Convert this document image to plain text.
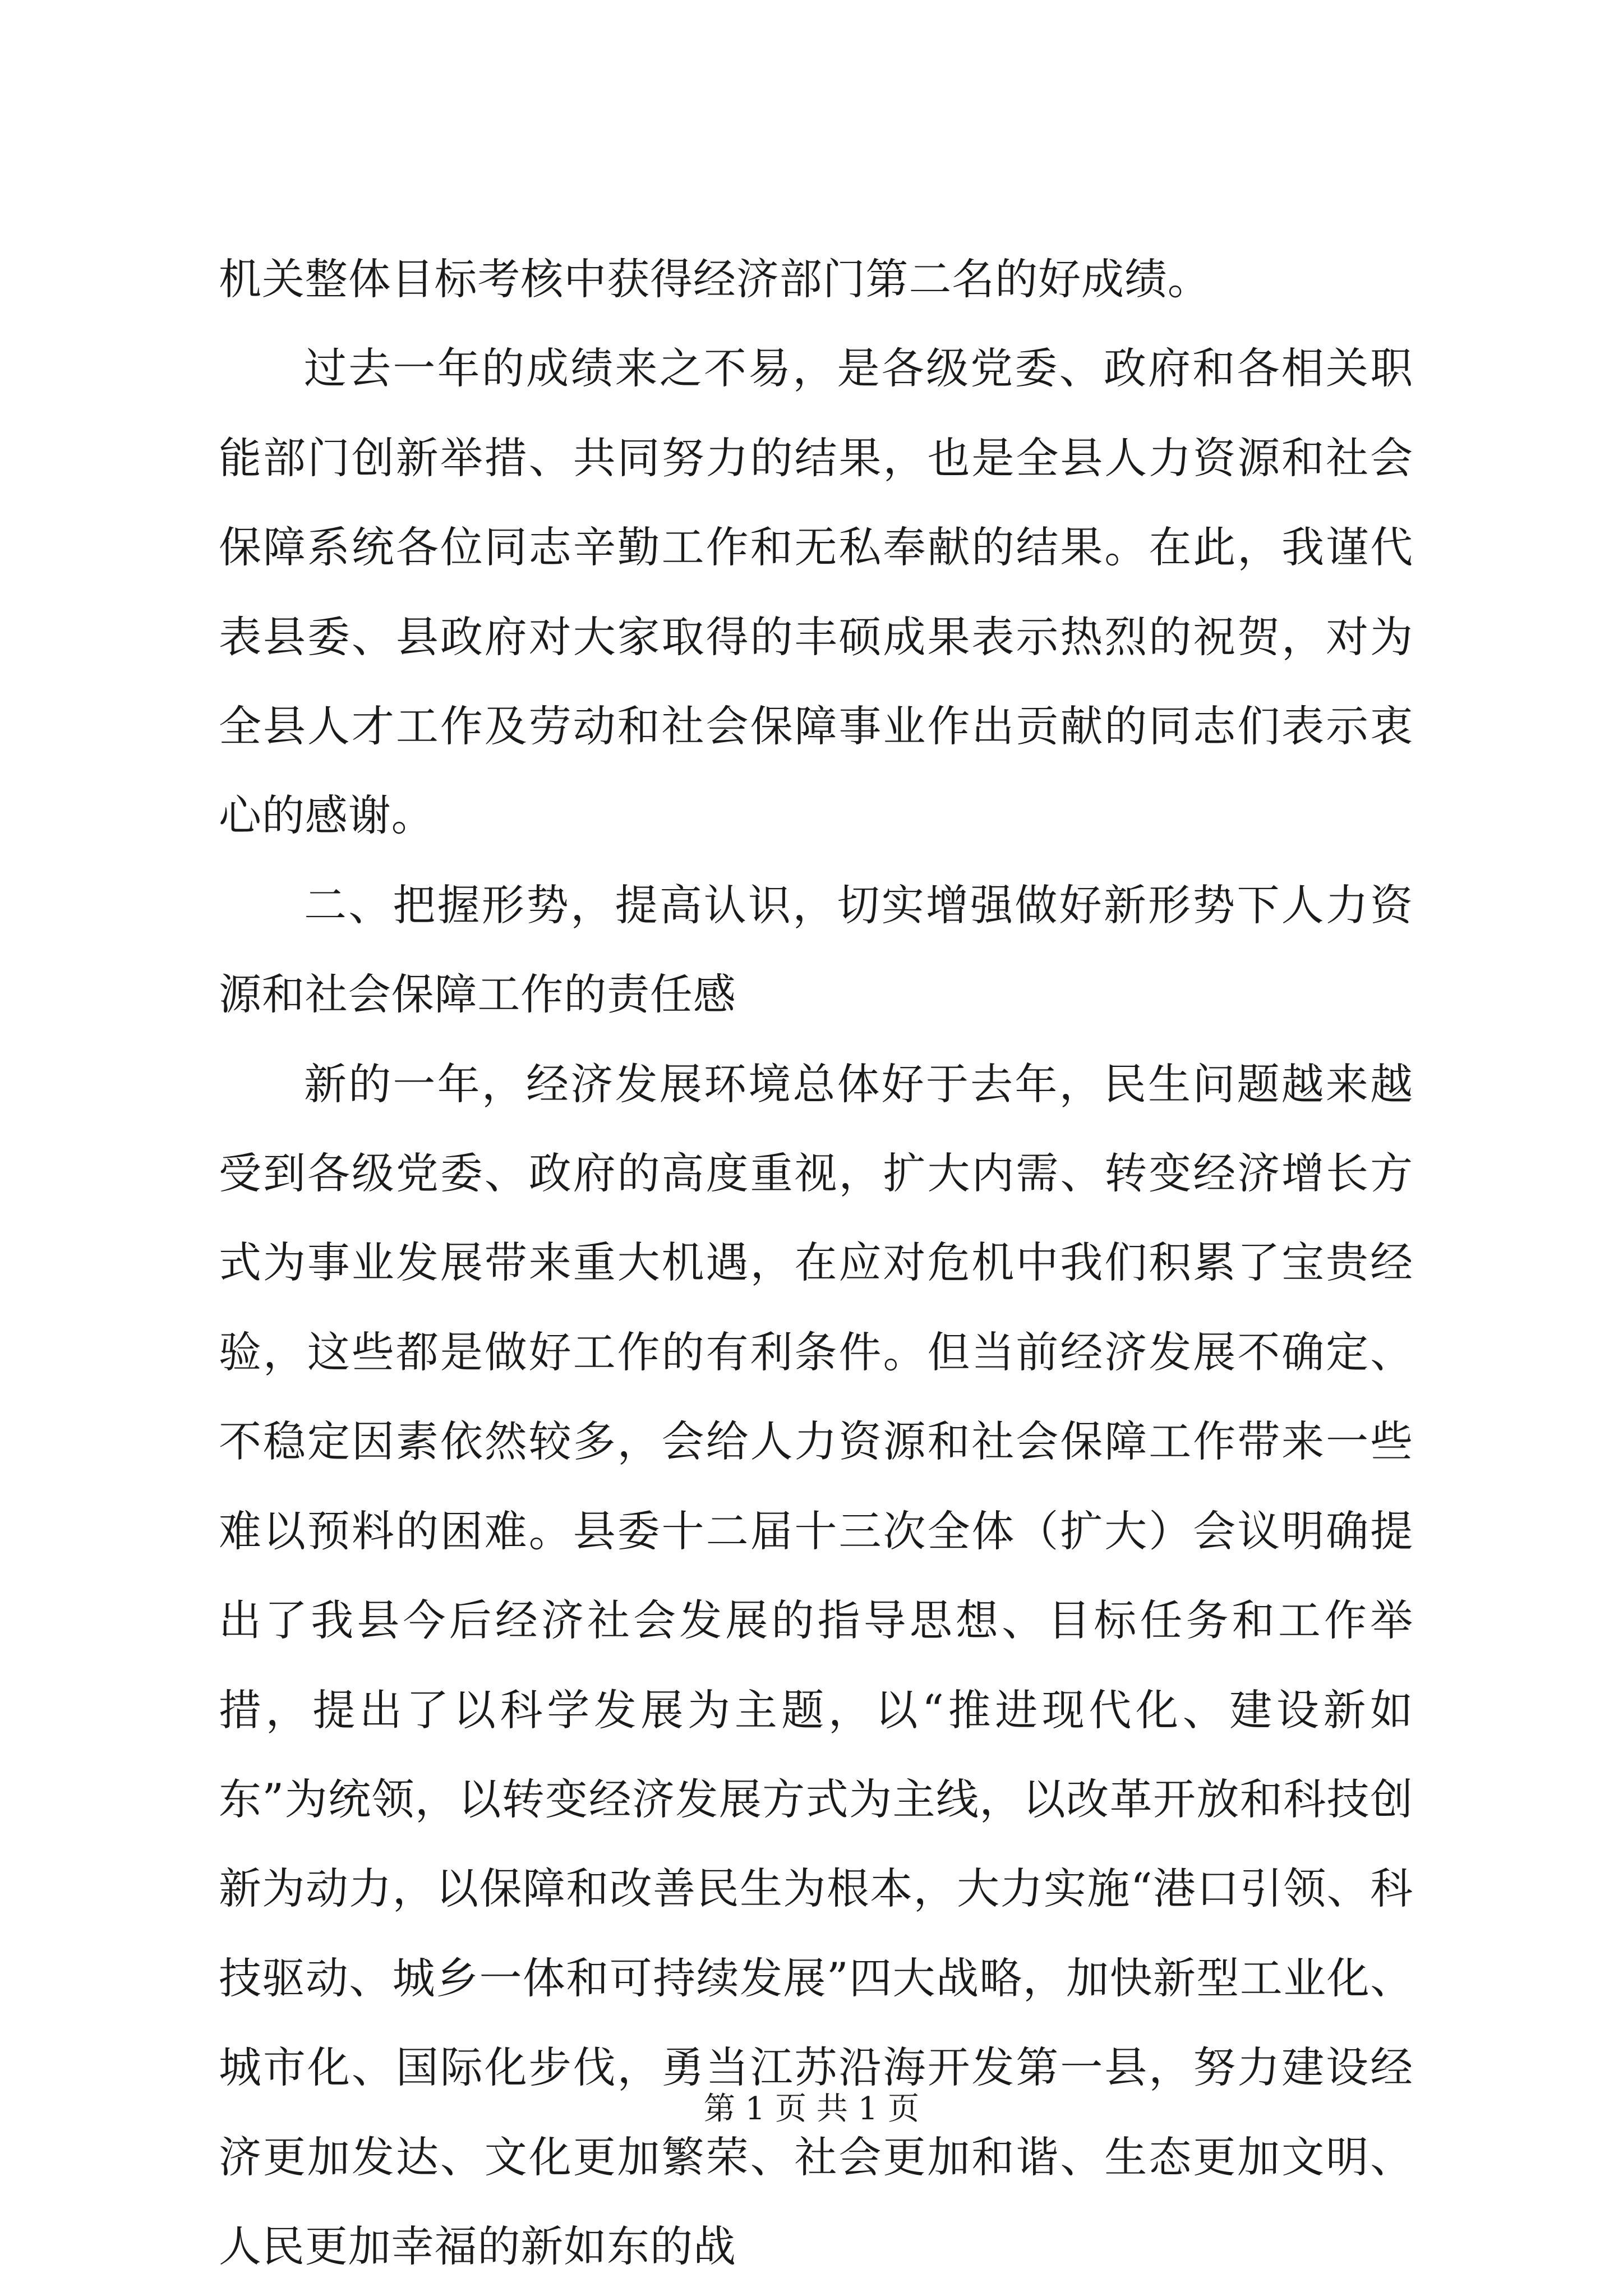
机关整体目标考核中获得经济部门第二名的好成绩。

过去一年的成绩来之不易，是各级党委、政府和各相关职能部门创新举措、共同努力的结果，也是全县人力资源和社会保障系统各位同志辛勤工作和无私奉献的结果。在此，我谨代表县委、县政府对大家取得的丰硕成果表示热烈的祝贺，对为全县人才工作及劳动和社会保障事业作出贡献的同志们表示衷心的感谢。

二、把握形势，提高认识，切实增强做好新形势下人力资源和社会保障工作的责任感

新的一年，经济发展环境总体好于去年，民生问题越来越受到各级党委、政府的高度重视，扩大内需、转变经济增长方式为事业发展带来重大机遇，在应对危机中我们积累了宝贵经验，这些都是做好工作的有利条件。但当前经济发展不确定、不稳定因素依然较多，会给人力资源和社会保障工作带来一些难以预料的困难。县委十二届十三次全体（扩大）会议明确提出了我县今后经济社会发展的指导思想、目标任务和工作举措，提出了以科学发展为主题，以“推进现代化、建设新如东”为统领，以转变经济发展方式为主线，以改革开放和科技创新为动力，以保障和改善民生为根本，大力实施“港口引领、科技驱动、城乡一体和可持续发展”四大战略，加快新型工业化、城市化、国际化步伐，勇当江苏沿海开发第一县，努力建设经济更加发达、文化更加繁荣、社会更加和谐、生态更加文明、人民更加幸福的新如东的战

第 1 页 共 1 页
